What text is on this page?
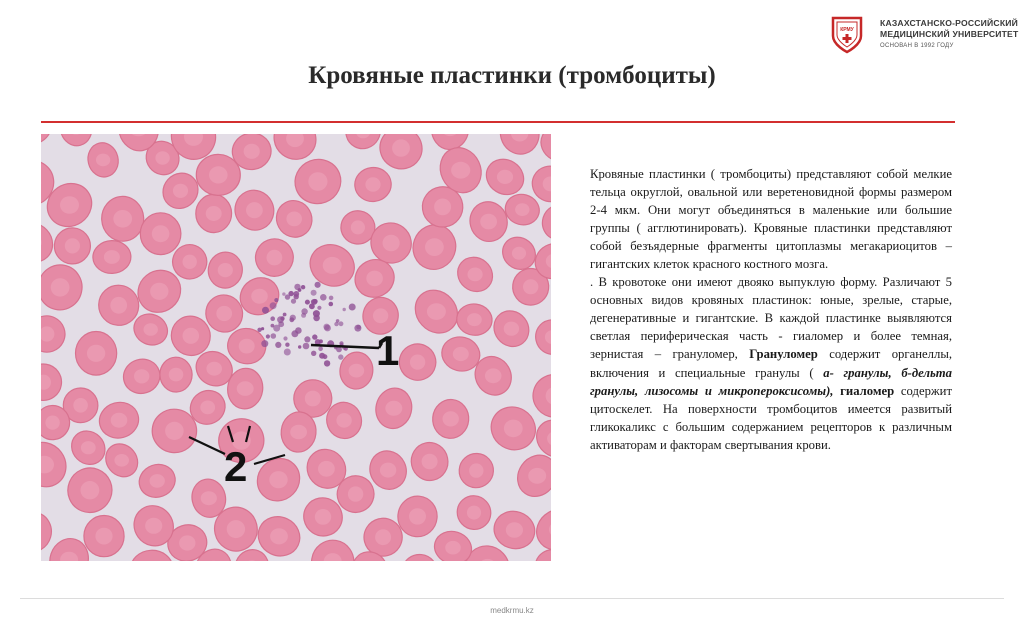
КРМУ
КАЗАХСТАНСКО-РОССИЙСКИЙ
МЕДИЦИНСКИЙ УНИВЕРСИТЕТ
ОСНОВАН В 1992 ГОДУ
Кровяные пластинки (тромбоциты)
1
2

Кровяные пластинки ( тромбоциты) представляют собой мелкие тельца округлой, овальной или веретеновидной формы размером 2-4 мкм. Они могут объединяться в маленькие или большие группы ( агглютинировать). Кровяные пластинки представляют собой безъядерные фрагменты цитоплазмы мегакариоцитов – гигантских клеток красного костного мозга.
. В кровотоке они имеют двояко выпуклую форму. Различают 5 основных видов кровяных пластинок: юные, зрелые, старые, дегенеративные и гигантские. В каждой пластинке выявляются светлая периферическая часть - гиаломер и более темная, зернистая – грануломер, Грануломер содержит органеллы, включения и специальные гранулы ( а- гранулы, б-дельта гранулы, лизосомы и микропероксисомы), гиаломер содержит цитоскелет. На поверхности тромбоцитов имеется развитый гликокаликс с большим содержанием рецепторов к различным активаторам и факторам свертывания крови.

medkrmu.kz
